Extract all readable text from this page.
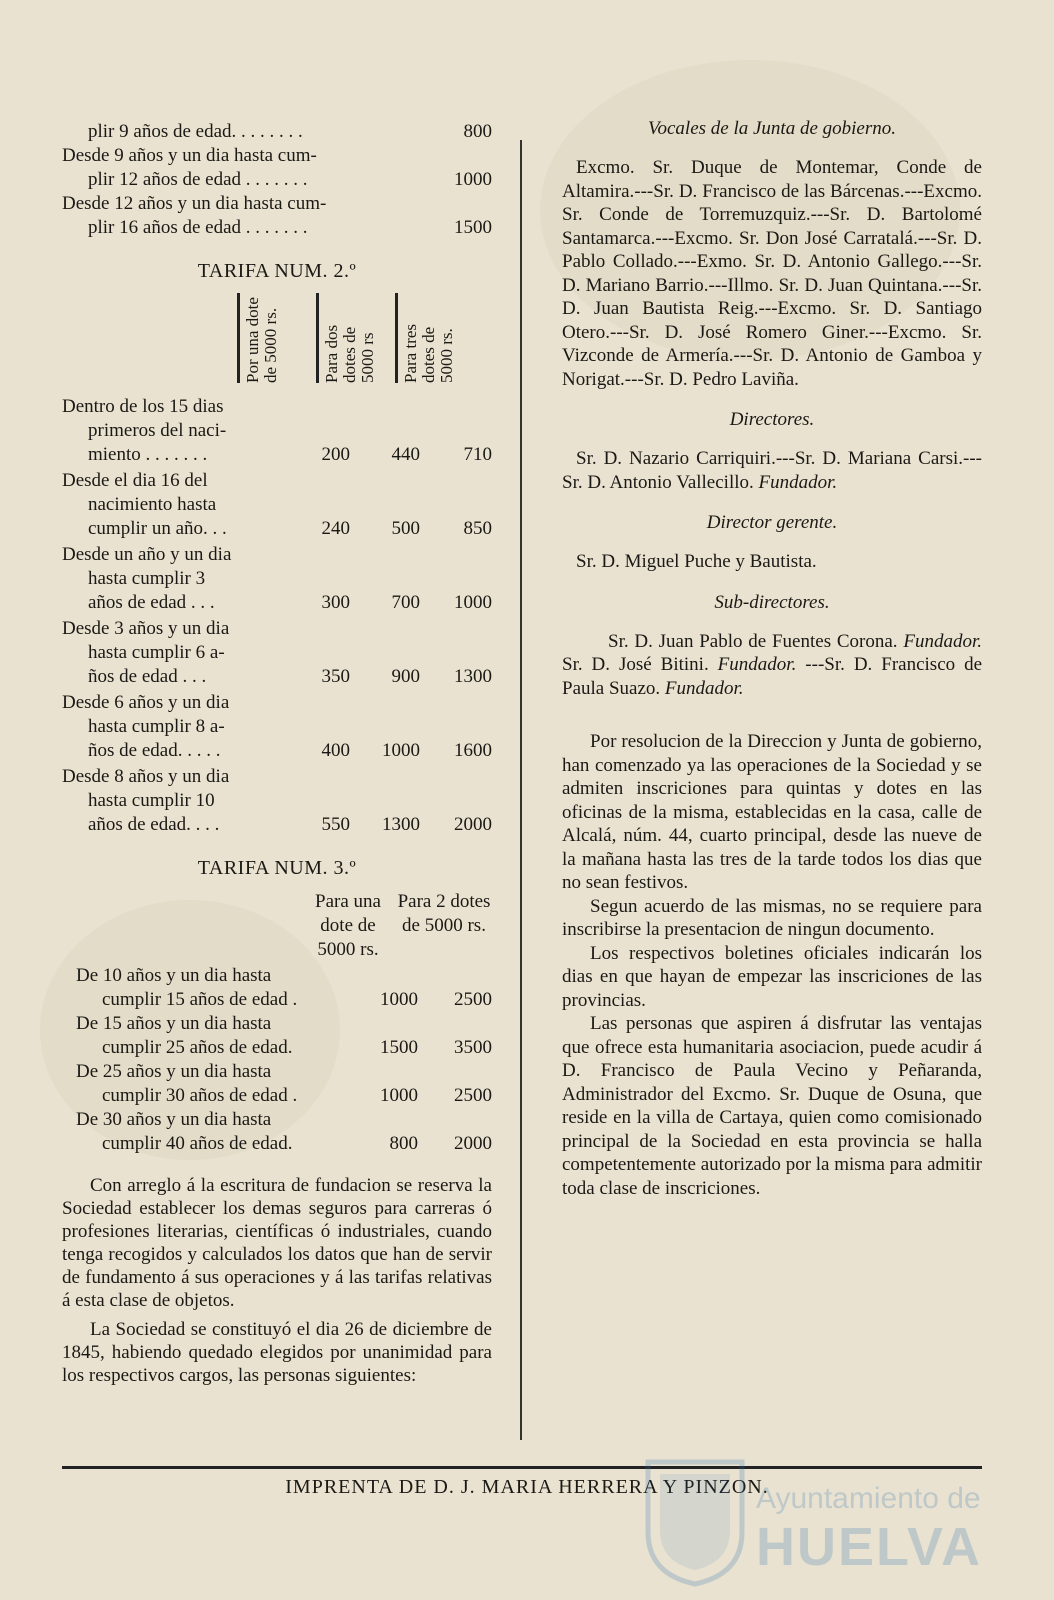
plir 9 años de edad. . . . . . . .	800
Desde 9 años y un dia hasta cum-
plir 12 años de edad . . . . . . .	1000
Desde 12 años y un dia hasta cum-
plir 16 años de edad . . . . . . .	1500
TARIFA NUM. 2.º
Por una dote de 5000 rs.	Para dos dotes de 5000 rs	Para tres dotes de 5000 rs.
Dentro de los 15 dias
primeros del naci-
miento . . . . . . .	200	440	710
Desde el dia 16 del
nacimiento hasta
cumplir un año. . .	240	500	850
Desde un año y un dia
hasta cumplir 3
años de edad . . .	300	700	1000
Desde 3 años y un dia
hasta cumplir 6 a-
ños de edad . . .	350	900	1300
Desde 6 años y un dia
hasta cumplir 8 a-
ños de edad. . . . .	400	1000	1600
Desde 8 años y un dia
hasta cumplir 10
años de edad. . . .	550	1300	2000
TARIFA NUM. 3.º
Para una dote de 5000 rs.
Para 2 dotes de 5000 rs.
De 10 años y un dia hasta
cumplir 15 años de edad .	1000	2500
De 15 años y un dia hasta
cumplir 25 años de edad.	1500	3500
De 25 años y un dia hasta
cumplir 30 años de edad .	1000	2500
De 30 años y un dia hasta
cumplir 40 años de edad.	800	2000

Con arreglo á la escritura de fundacion se reserva la Sociedad establecer los demas seguros para carreras ó profesiones literarias, científicas ó industriales, cuando tenga recogidos y calculados los datos que han de servir de fundamento á sus operaciones y á las tarifas relativas á esta clase de objetos.

La Sociedad se constituyó el dia 26 de diciembre de 1845, habiendo quedado elegidos por unanimidad para los respectivos cargos, las personas siguientes:

Vocales de la Junta de gobierno.

Excmo. Sr. Duque de Montemar, Conde de Altamira.---Sr. D. Francisco de las Bárcenas.---Excmo. Sr. Conde de Torremuzquiz.---Sr. D. Bartolomé Santamarca.---Excmo. Sr. Don José Carratalá.---Sr. D. Pablo Collado.---Exmo. Sr. D. Antonio Gallego.---Sr. D. Mariano Barrio.---Illmo. Sr. D. Juan Quintana.---Sr. D. Juan Bautista Reig.---Excmo. Sr. D. Santiago Otero.---Sr. D. José Romero Giner.---Excmo. Sr. Vizconde de Armería.---Sr. D. Antonio de Gamboa y Norigat.---Sr. D. Pedro Laviña.

Directores.

Sr. D. Nazario Carriquiri.---Sr. D. Mariana Carsi.---Sr. D. Antonio Vallecillo. Fundador.

Director gerente.

Sr. D. Miguel Puche y Bautista.

Sub-directores.

Sr. D. Juan Pablo de Fuentes Corona. Fundador. Sr. D. José Bitini. Fundador. ---Sr. D. Francisco de Paula Suazo. Fundador.

Por resolucion de la Direccion y Junta de gobierno, han comenzado ya las operaciones de la Sociedad y se admiten inscriciones para quintas y dotes en las oficinas de la misma, establecidas en la casa, calle de Alcalá, núm. 44, cuarto principal, desde las nueve de la mañana hasta las tres de la tarde todos los dias que no sean festivos.

Segun acuerdo de las mismas, no se requiere para inscribirse la presentacion de ningun documento.

Los respectivos boletines oficiales indicarán los dias en que hayan de empezar las inscriciones de las provincias.

Las personas que aspiren á disfrutar las ventajas que ofrece esta humanitaria asociacion, puede acudir á D. Francisco de Paula Vecino y Peñaranda, Administrador del Excmo. Sr. Duque de Osuna, que reside en la villa de Cartaya, quien como comisionado principal de la Sociedad en esta provincia se halla competentemente autorizado por la misma para admitir toda clase de inscriciones.

IMPRENTA DE D. J. MARIA HERRERA Y PINZON.
Ayuntamiento de
HUELVA
